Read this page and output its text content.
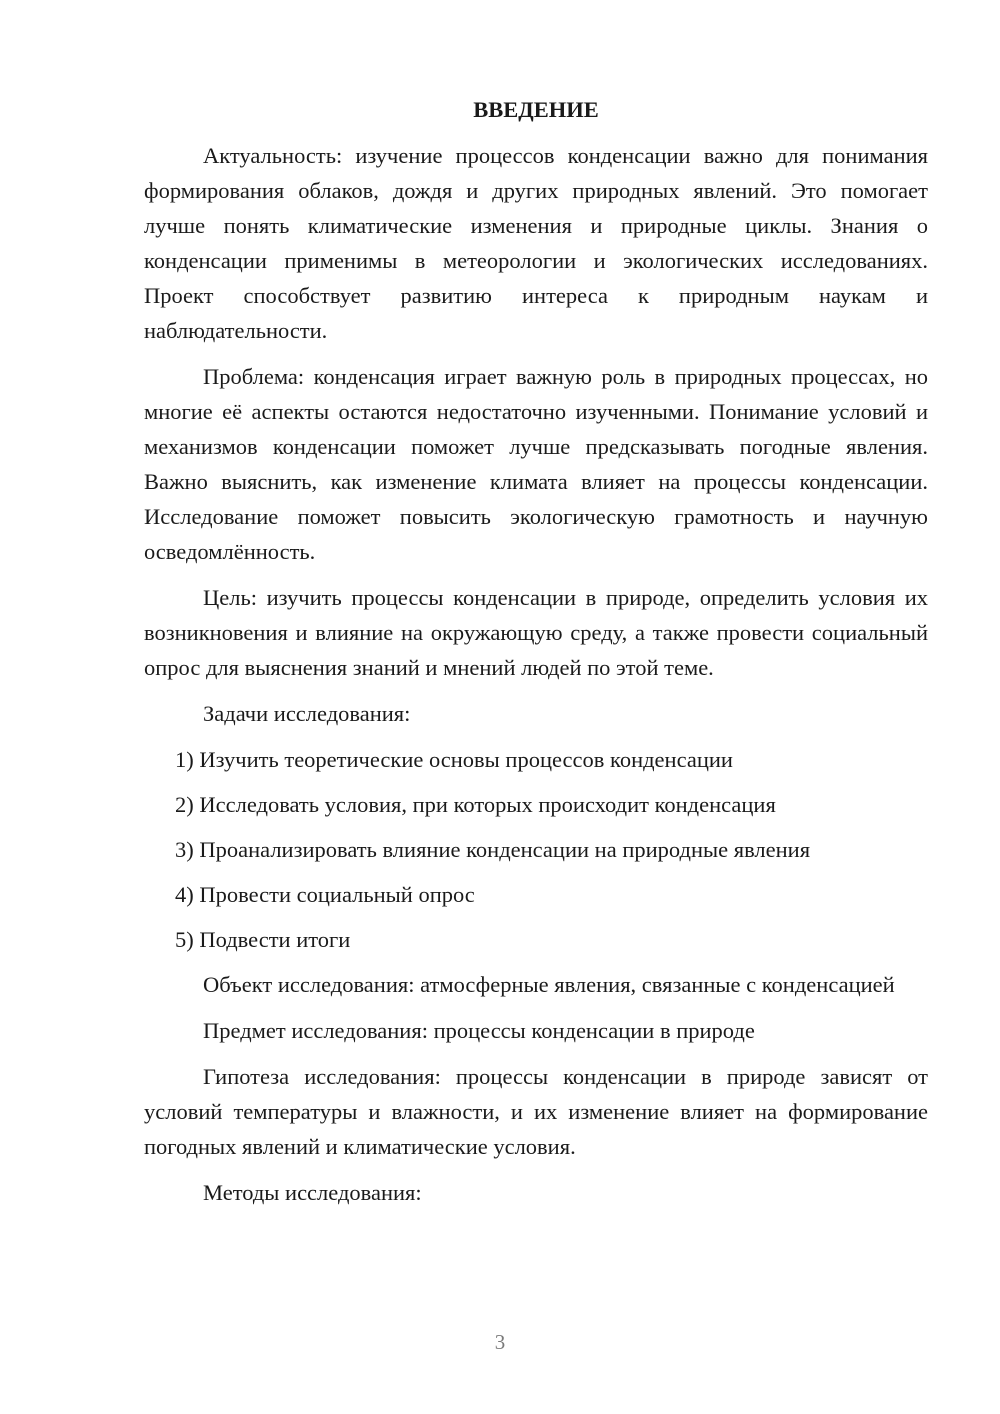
ВВЕДЕНИЕ

Актуальность: изучение процессов конденсации важно для понимания формирования облаков, дождя и других природных явлений. Это помогает лучше понять климатические изменения и природные циклы. Знания о конденсации применимы в метеорологии и экологических исследованиях. Проект способствует развитию интереса к природным наукам и наблюдательности.

Проблема: конденсация играет важную роль в природных процессах, но многие её аспекты остаются недостаточно изученными. Понимание условий и механизмов конденсации поможет лучше предсказывать погодные явления. Важно выяснить, как изменение климата влияет на процессы конденсации. Исследование поможет повысить экологическую грамотность и научную осведомлённость.

Цель: изучить процессы конденсации в природе, определить условия их возникновения и влияние на окружающую среду, а также провести социальный опрос для выяснения знаний и мнений людей по этой теме.

Задачи исследования:

1) Изучить теоретические основы процессов конденсации
2) Исследовать условия, при которых происходит конденсация
3) Проанализировать влияние конденсации на природные явления
4) Провести социальный опрос
5) Подвести итоги

Объект исследования: атмосферные явления, связанные с конденсацией

Предмет исследования: процессы конденсации в природе

Гипотеза исследования: процессы конденсации в природе зависят от условий температуры и влажности, и их изменение влияет на формирование погодных явлений и климатические условия.

Методы исследования:

3
